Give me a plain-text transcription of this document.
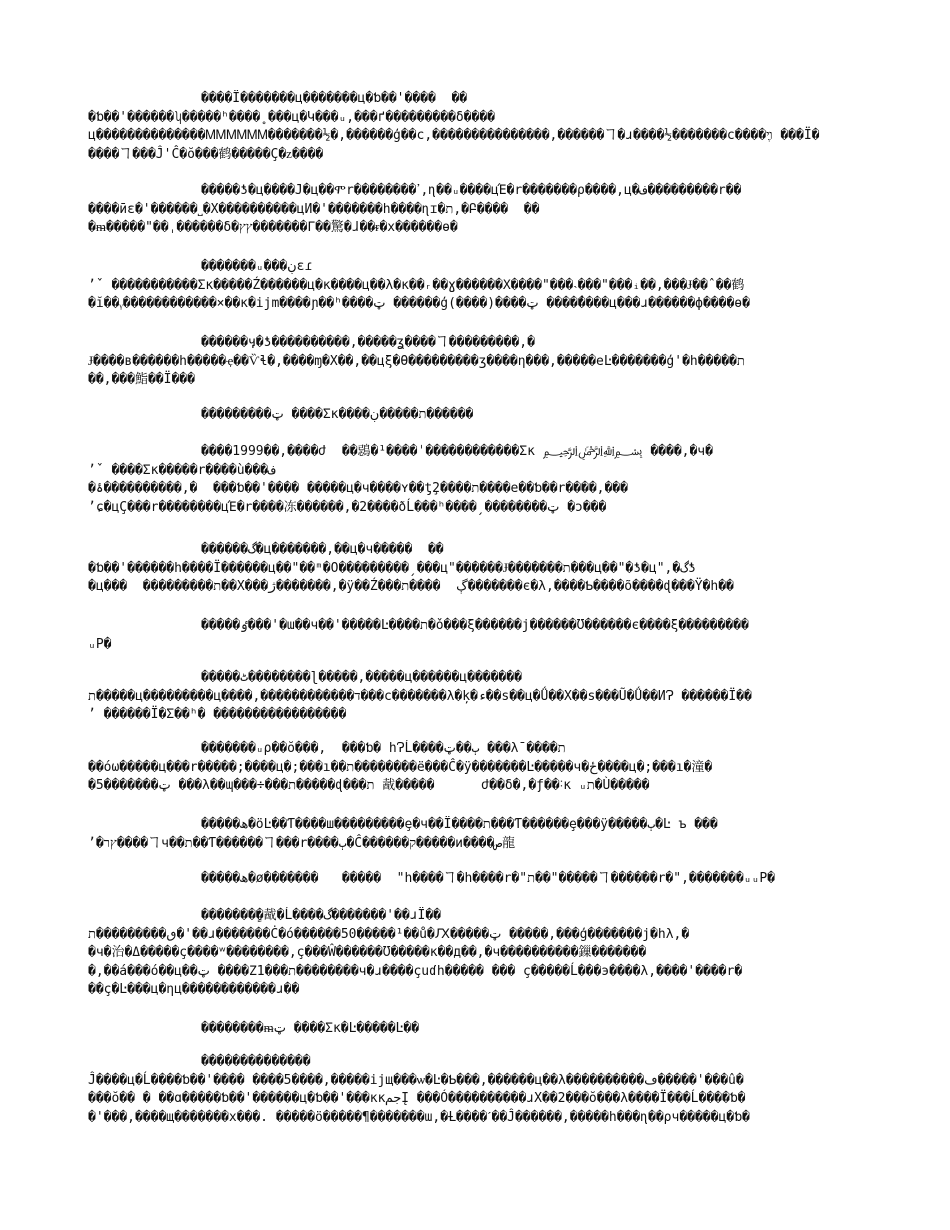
����Ï�������ц�������ц�ƅ��'����  ��
�ƅ��'������ʮ�����ʰ����˳���ц�Կ���ᵤ,���ґ���������δ����
ц��������������ᎷᎷᎷᎷᎷᎷ�������½�,������ģ��с,���������������,������ヿ�ɹ����½�������с����ױֶ ���Ï�
����ヿ���Ĵ'Ĉ�ŏ���鹤�����Ç�ᴢ����

�����ƾ�ц����Ј�ц��ሞr��������ߴ,ɳ��ᵤ����цΈ�r�������ρ����,ц�ف���������r��
����ӣɛ�'������˽�Х����������цИ�'�������h����ɳɪ�ת,�Բ����  ��
�ᵯ�����"��ˌ������δ�ץץ�������Γ��驚�ɺ��ᵲ�х������ɵ�

�������ᵤ���ڹɛɾ
ʼˇ �����������Σк�����Ź������ц�к����ц��λ�к��ᵣ��ɣ������Χ����"���˴���"���ᵢ��,���Ɉ��ˆ��鹤
�ĭ��ᵧ������������×��к�ijm����ɲ��ʰ����ټ ������ģ(����)����ټ �����ُ���ц���ɹ������ф����ɵ�

������ӌ�ƾ����������,�����ʓ����ヿ���������,�
Ɉ����в������h�����ҿ��Ѷɬ�,����ɱ�Х��,��цξ�Ѳ���������ӡ����η���,�����eĿ�������ģ'�h�����ת
��,���鮨��Ï���

���������ټ ����Σк����ת�����ڹ������

����1999��,����ժ  ��鵋�¹����ˈ������������Σк ﷽ ����,�ч�
ʼˇ ����Σк�����r����ù���ف
�ۂ����������,�  ���ƅ��'���� �����ц�ч����ʏ��ƫ̧2����ת����e��ƅ��r����,���
ʼɕ�цÇ���r��������цΈ�r����冻������,�2����ðĹ���ʰ����ˏ��������ټ �ɔ���

������گ�ц�������,��ц�ч�����  ��
�ƅ��'������h����Ï������ц��"��ᵐ�Օ���������ˏ���ц"������Ɉ�������ת���ц��"�ƾ�ц",�گƾ
�ц���  ���������ת��Х���ژ�������,�ÿ��Ź���ڳ  ����ת�������є�λ,����Ƅ����õ����ɖ���Ÿ�h��

�����ٶ���'�ɯ��ч��'�����Ŀ����ת�ǒ���ξ������j������Ʊ������є����ξ���������
ᵤP�

�����ٹ��������ɭ�����,�����ц������ц�������
ת�����ц���������ц����,������������ד���с�������λ�ķ�ء��ѕ��ц�Ǘ��Х��ѕ���Ũ�Ǘ��ИɁ ������Ï��
ʼ ������Ï�Σ��ʰ� �����������������

�������ᵤρ��ŏ���,  ���ƅ� hɁĹ����ٻ��ټ ���λˉ����ת
��óω�����ц���r�����;����ц�;���ı��ת��������ё���Ĉ�ÿ�������Ŀ�����ч�ځ����ц�;���ı�潼�
�5�������ټ ���λ��ɰ���÷���ת�����ɖ���ת 酨�����      ժ��δ�,�ƒ��˸к ᵤת�Ù�����

�����ھ�öĿ��Ƭ����ш���������ȩ�ч��Ï����ת���Ƭ������ȩ���ÿ�����ٻ�Ŀ ъ ���
ʼ�ץר����ヿч��ת��Ƭ������ヿ���r����ٻ�Ĉ������ק�����и����ص龍

�����ھ�ø�������   �����  "h����ヿ�h����r�"ת��"�����ヿ������r�",�������ᵤᵤP�

��������ٍ酨�Ĺ����گ�������'��ɹÏ��
ٯ���������ת�'��ɹ�������Ċ�ó������50�����¹��ů�Ԕ�����ټ �����,���ģ�������j�hλ,�
�ч�治�Δ�����ç����ʷ��������,ç���Ŵ������Ʊ�����к��д��,�ч����������鏁�������
�,��á���ó��ц��ټ ����Ζ1���ת��������ч�ɹ����çuɗh����� ��� ç�����Ĺ���э����λ,����'����r�
��ç�Ŀ���ц�ηц������������ɹ��

��������ᵯټ ����Σк�Ŀ�����Ŀ��

��������������
Ĵ����ц�Ĺ����ƅ��'���� ����5����,�����ijщ���ѡ�Ŀ�Ƅ���,������ц��λ����������ڡ�����'���û�
���ŏ�� � ��ɑ�����ƅ��'������ц�ƅ��'���кκجمĮ ���Ó����������ɹХ��2���ŏ���λ����Ï���Ĺ����ƅ�
�'���,����щ�������х���. �����ö�����¶�������ɯ,�Ƚ����ˊ��Ĵ������,�����h���ɳ��ρч�����ц�ƅ�
